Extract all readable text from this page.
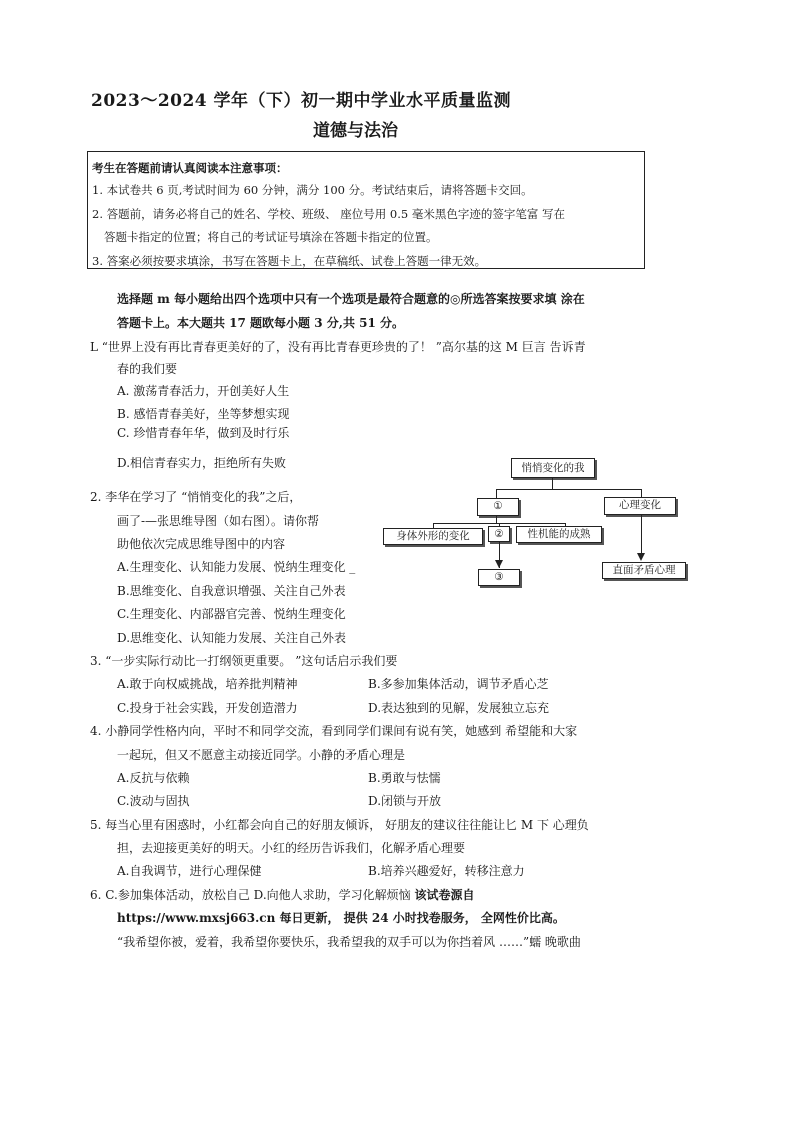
2023～2024 学年（下）初一期中学业水平质量监测
道德与法治
考生在答题前请认真阅读本注意事项：
1. 本试卷共 6 页,考试时间为 60 分钟，满分 100 分。考试结束后，请将答题卡交回。
2. 答题前，请务必将自己的姓名、学校、班级、 座位号用 0.5 毫米黑色字迹的签字笔富 写在
答题卡指定的位置；将自己的考试证号填涂在答题卡指定的位置。
3. 答案必须按要求填涂，书写在答题卡上，在草稿纸、试卷上答题一律无效。
选择题 m 每小题给出四个选项中只有一个选项是最符合题意的◎所选答案按要求填 涂在
答题卡上。本大题共 17 题欧每小题 3 分,共 51 分。
L “世界上没有再比青春更美好的了，没有再比青春更珍贵的了！ ”高尔基的这 M 巨言 告诉青
春的我们要
A. 激荡青春活力，开创美好人生
B. 感悟青春美好，坐等梦想实现
C. 珍惜青春年华，做到及时行乐
D.相信青春实力，拒绝所有失败
2. 李华在学习了 “悄悄变化的我”之后，
画了-—张思维导图（如右图）。请你帮
助他依次完成思维导图中的内容
A.生理变化、认知能力发展、悦纳生理变化 _
B.思维变化、自我意识增强、关注自己外表
C.生理变化、内部器官完善、悦纳生理变化
D.思维变化、认知能力发展、关注自己外表
悄悄变化的我
①	心理变化
身体外形的变化	②	性机能的成熟
③
直面矛盾心理
3. “一步实际行动比一打纲领更重要。 ”这句话启示我们要
A.敢于向权威挑战，培养批判精神	B.多参加集体活动，调节矛盾心芝
C.投身于社会实践，开发创造潜力	D.表达独到的见解，发展独立忘充
4. 小静同学性格内向，平时不和同学交流，看到同学们课间有说有笑，她感到 希望能和大家
一起玩，但又不愿意主动接近同学。小静的矛盾心理是
A.反抗与依赖	B.勇敢与怯懦
C.波动与固执	D.闭锁与开放
5. 每当心里有困惑时，小红都会向自己的好朋友倾诉， 好朋友的建议往往能让匕 M 下 心理负
担，去迎接更美好的明天。小红的经历告诉我们，化解矛盾心理要
A.自我调节，进行心理保健	B.培养兴趣爱好，转移注意力
6. C.参加集体活动，放松自己 D.向他人求助，学习化解烦恼 该试卷源自
https://www.mxsj663.cn 每日更新， 提供 24 小时找卷服务， 全网性价比高。
“我希望你被，爱着，我希望你要快乐，我希望我的双手可以为你挡着风 ……”蠕 晚歌曲
